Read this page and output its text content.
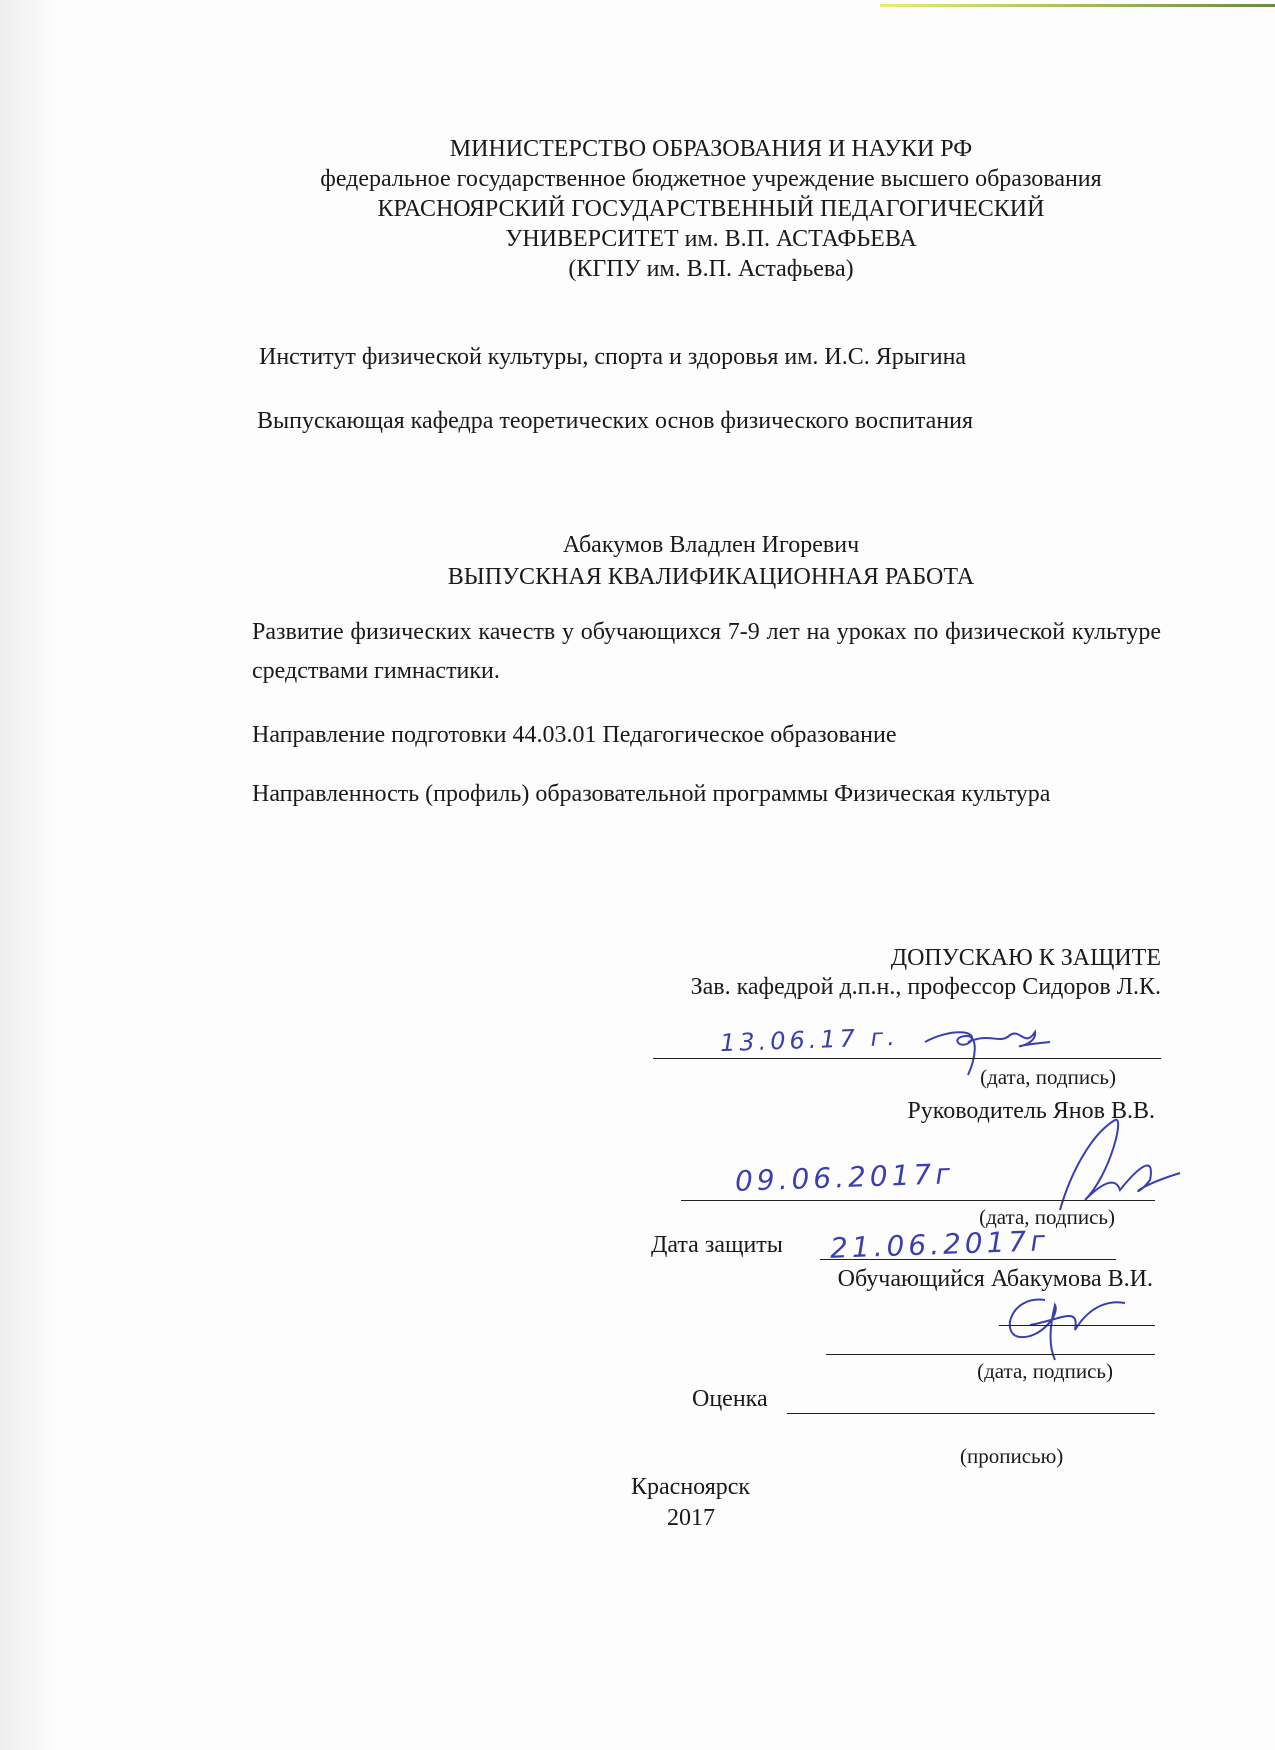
МИНИСТЕРСТВО ОБРАЗОВАНИЯ И НАУКИ РФ
федеральное государственное бюджетное учреждение высшего образования
КРАСНОЯРСКИЙ ГОСУДАРСТВЕННЫЙ ПЕДАГОГИЧЕСКИЙ
УНИВЕРСИТЕТ им. В.П. АСТАФЬЕВА
(КГПУ им. В.П. Астафьева)
Институт физической культуры, спорта и здоровья им. И.С. Ярыгина
Выпускающая кафедра теоретических основ физического воспитания
Абакумов Владлен Игоревич
ВЫПУСКНАЯ КВАЛИФИКАЦИОННАЯ РАБОТА
Развитие физических качеств у обучающихся 7-9 лет на уроках по физической культуре средствами гимнастики.
Направление подготовки 44.03.01 Педагогическое образование
Направленность (профиль) образовательной программы Физическая культура
ДОПУСКАЮ К ЗАЩИТЕ
Зав. кафедрой д.п.н., профессор Сидоров Л.К.
13.06.17 г.
(дата, подпись)
Руководитель Янов В.В.
09.06.2017г
(дата, подпись)
Дата защиты 21.06.2017г
Обучающийся Абакумова В.И.
(дата, подпись)
Оценка
(прописью)
Красноярск
2017
